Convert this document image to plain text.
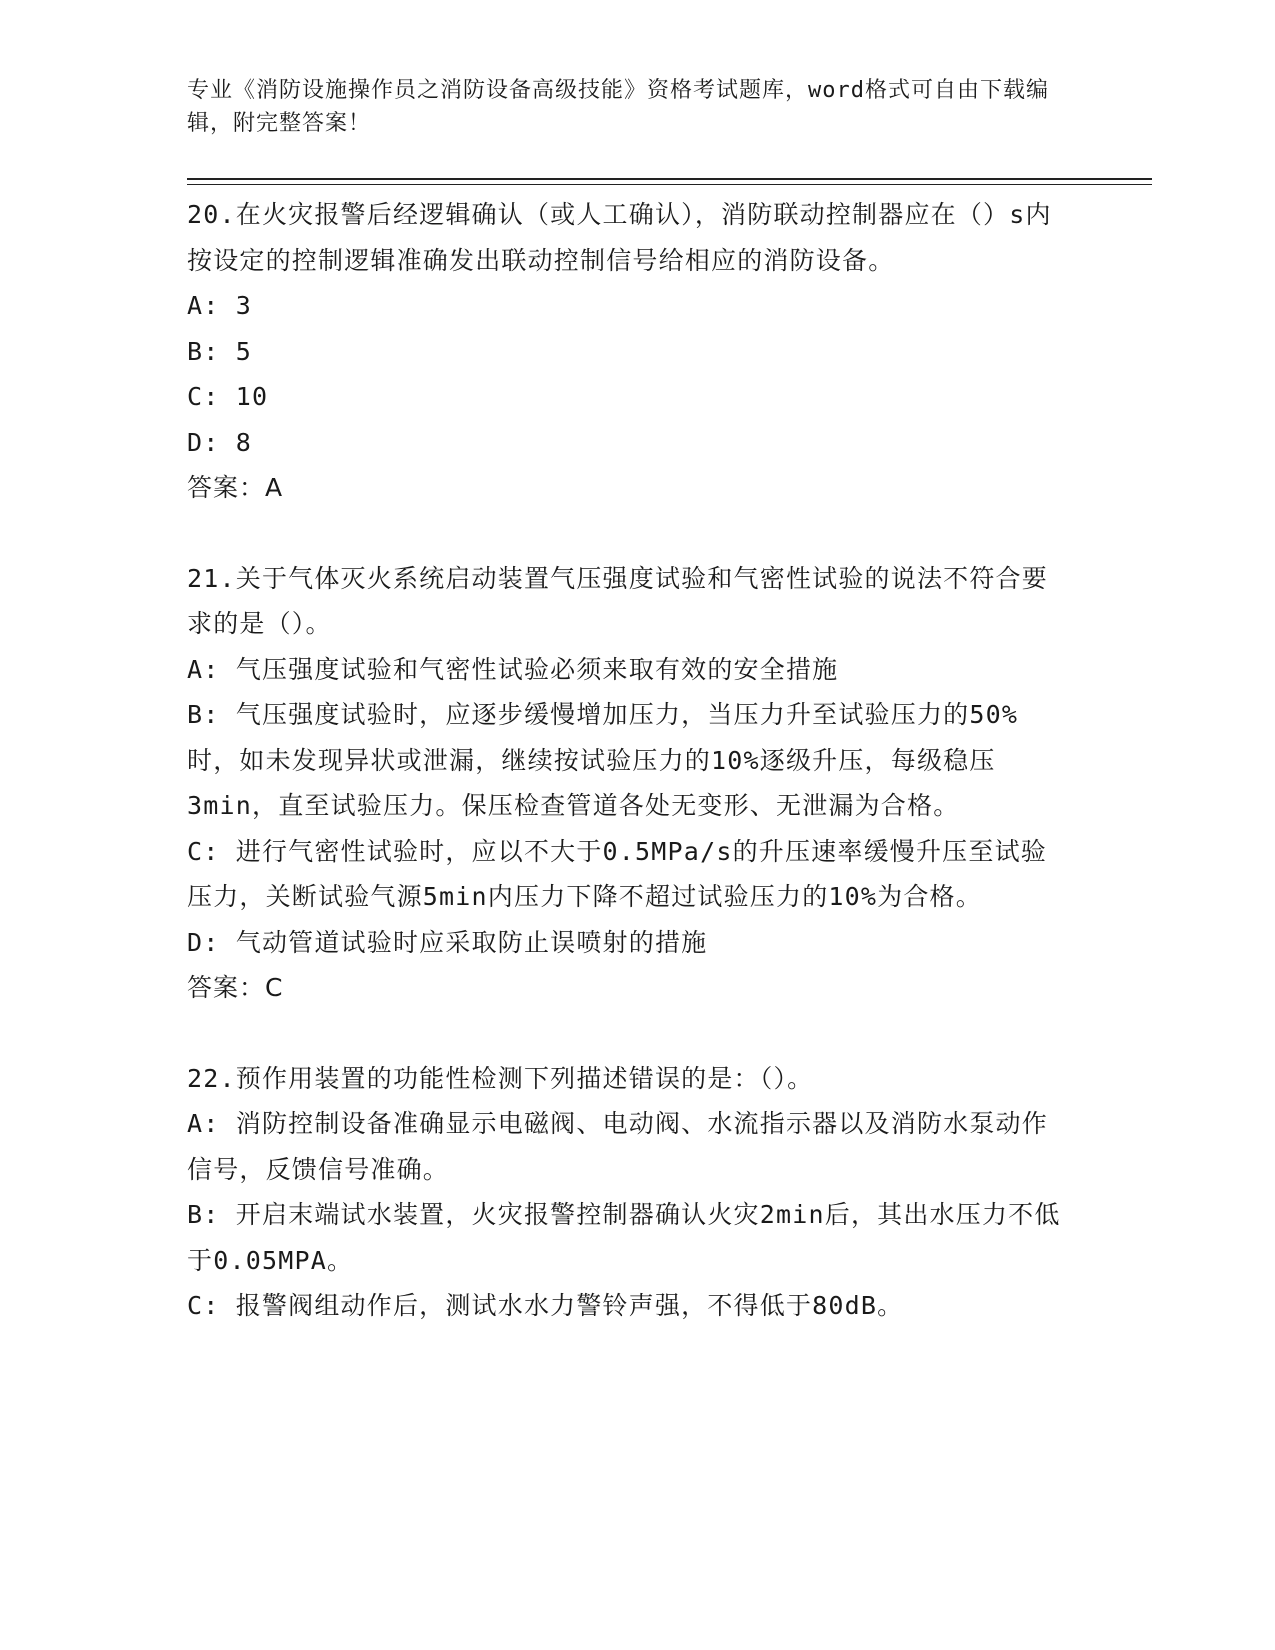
专业《消防设施操作员之消防设备高级技能》资格考试题库，word格式可自由下载编辑，附完整答案！

20.在火灾报警后经逻辑确认（或人工确认），消防联动控制器应在（）s内按设定的控制逻辑准确发出联动控制信号给相应的消防设备。

A: 3
B: 5
C: 10
D: 8

答案：A

21.关于气体灭火系统启动装置气压强度试验和气密性试验的说法不符合要求的是（）。

A: 气压强度试验和气密性试验必须来取有效的安全措施
B: 气压强度试验时，应逐步缓慢增加压力，当压力升至试验压力的50%时，如未发现异状或泄漏，继续按试验压力的10%逐级升压，每级稳压3min，直至试验压力。保压检查管道各处无变形、无泄漏为合格。
C: 进行气密性试验时，应以不大于0.5MPa/s的升压速率缓慢升压至试验压力，关断试验气源5min内压力下降不超过试验压力的10%为合格。
D: 气动管道试验时应采取防止误喷射的措施

答案：C

22.预作用装置的功能性检测下列描述错误的是：（）。

A: 消防控制设备准确显示电磁阀、电动阀、水流指示器以及消防水泵动作信号，反馈信号准确。
B: 开启末端试水装置，火灾报警控制器确认火灾2min后，其出水压力不低于0.05MPA。
C: 报警阀组动作后，测试水水力警铃声强，不得低于80dB。
